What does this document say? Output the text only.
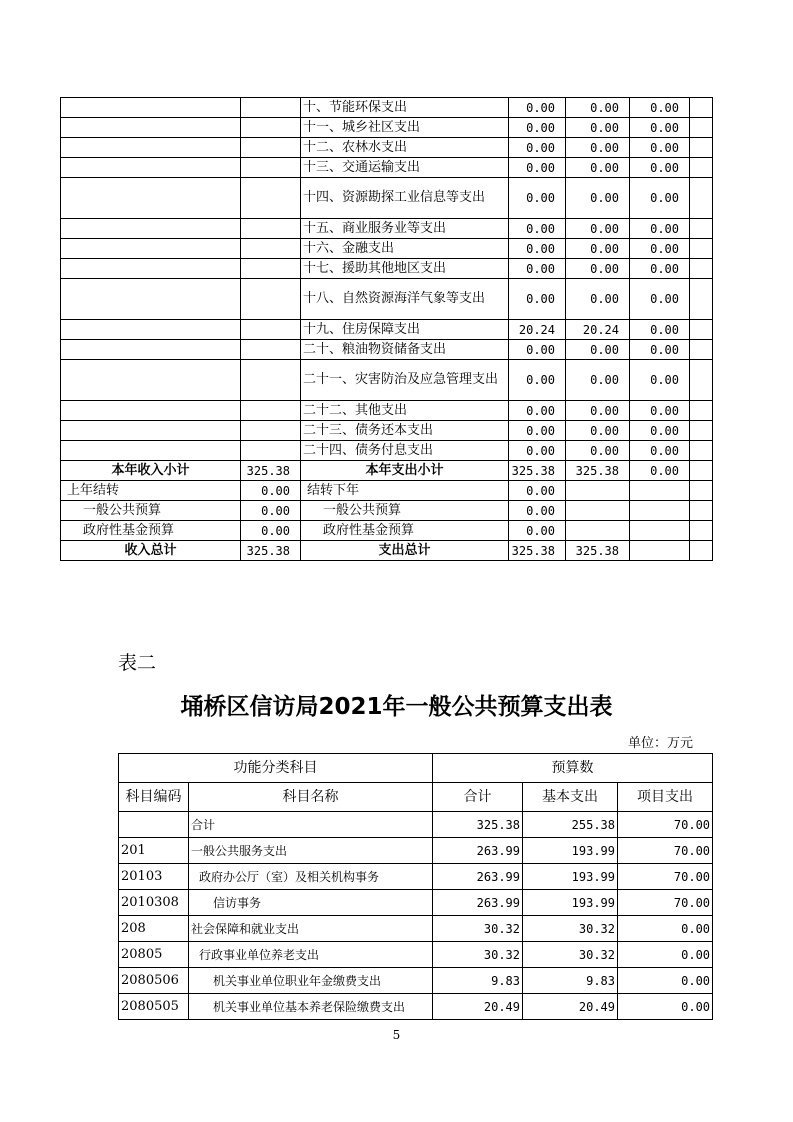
		十、节能环保支出	0.00	0.00	0.00	
		十一、城乡社区支出	0.00	0.00	0.00	
		十二、农林水支出	0.00	0.00	0.00	
		十三、交通运输支出	0.00	0.00	0.00	
		十四、资源勘探工业信息等支出	0.00	0.00	0.00	
		十五、商业服务业等支出	0.00	0.00	0.00	
		十六、金融支出	0.00	0.00	0.00	
		十七、援助其他地区支出	0.00	0.00	0.00	
		十八、自然资源海洋气象等支出	0.00	0.00	0.00	
		十九、住房保障支出	20.24	20.24	0.00	
		二十、粮油物资储备支出	0.00	0.00	0.00	
		二十一、灾害防治及应急管理支出	0.00	0.00	0.00	
		二十二、其他支出	0.00	0.00	0.00	
		二十三、债务还本支出	0.00	0.00	0.00	
		二十四、债务付息支出	0.00	0.00	0.00	
本年收入小计	325.38	本年支出小计	325.38	325.38	0.00	
上年结转	0.00	结转下年	0.00			
一般公共预算	0.00	一般公共预算	0.00			
政府性基金预算	0.00	政府性基金预算	0.00			
收入总计	325.38	支出总计	325.38	325.38		
表二
埇桥区信访局2021年一般公共预算支出表
单位：万元
功能分类科目		预算数		
科目编码	科目名称	合计	基本支出	项目支出
	合计	325.38	255.38	70.00
201	一般公共服务支出	263.99	193.99	70.00
20103	政府办公厅（室）及相关机构事务	263.99	193.99	70.00
2010308	信访事务	263.99	193.99	70.00
208	社会保障和就业支出	30.32	30.32	0.00
20805	行政事业单位养老支出	30.32	30.32	0.00
2080506	机关事业单位职业年金缴费支出	9.83	9.83	0.00
2080505	机关事业单位基本养老保险缴费支出	20.49	20.49	0.00
5
